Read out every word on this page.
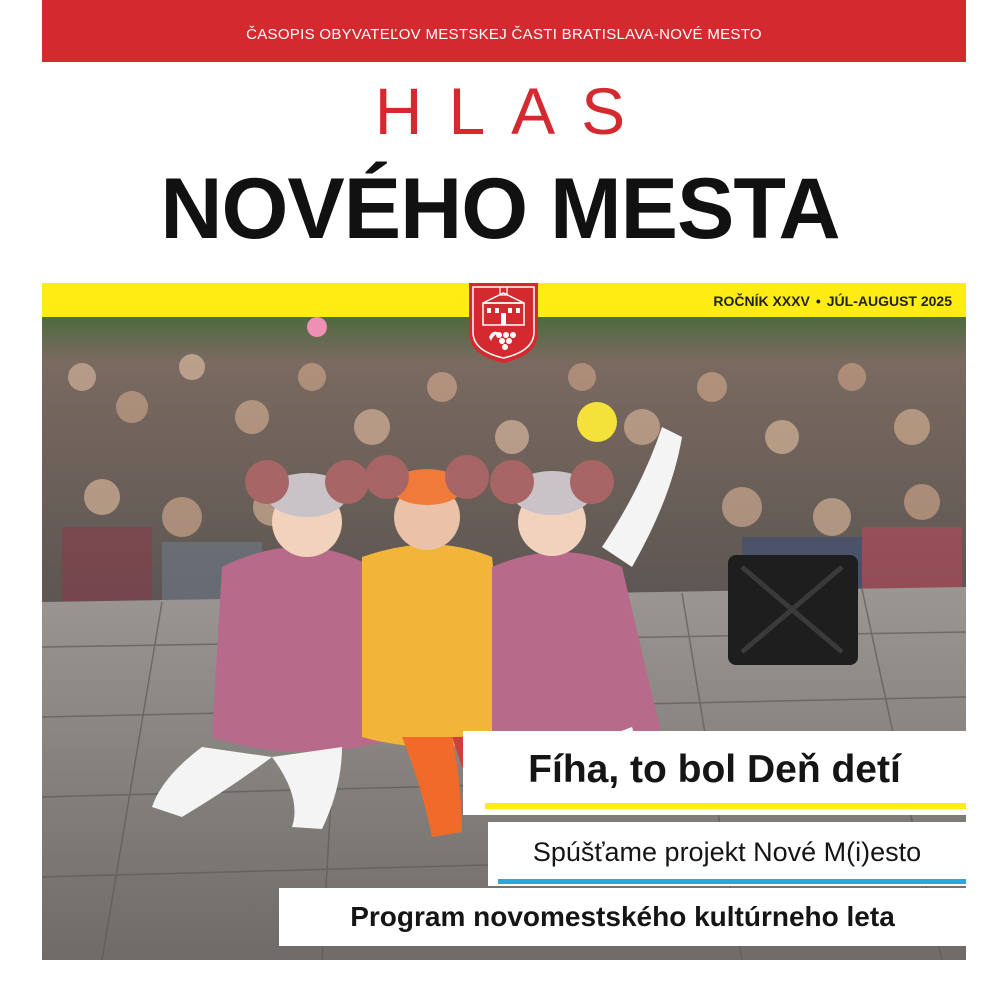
ČASOPIS OBYVATEĽOV MESTSKEJ ČASTI BRATISLAVA-NOVÉ MESTO
HLAS
NOVÉHO MESTA
ROČNÍK XXXV • JÚL-AUGUST 2025
Fíha, to bol Deň detí
Spúšťame projekt Nové M(i)esto
Program novomestského kultúrneho leta
